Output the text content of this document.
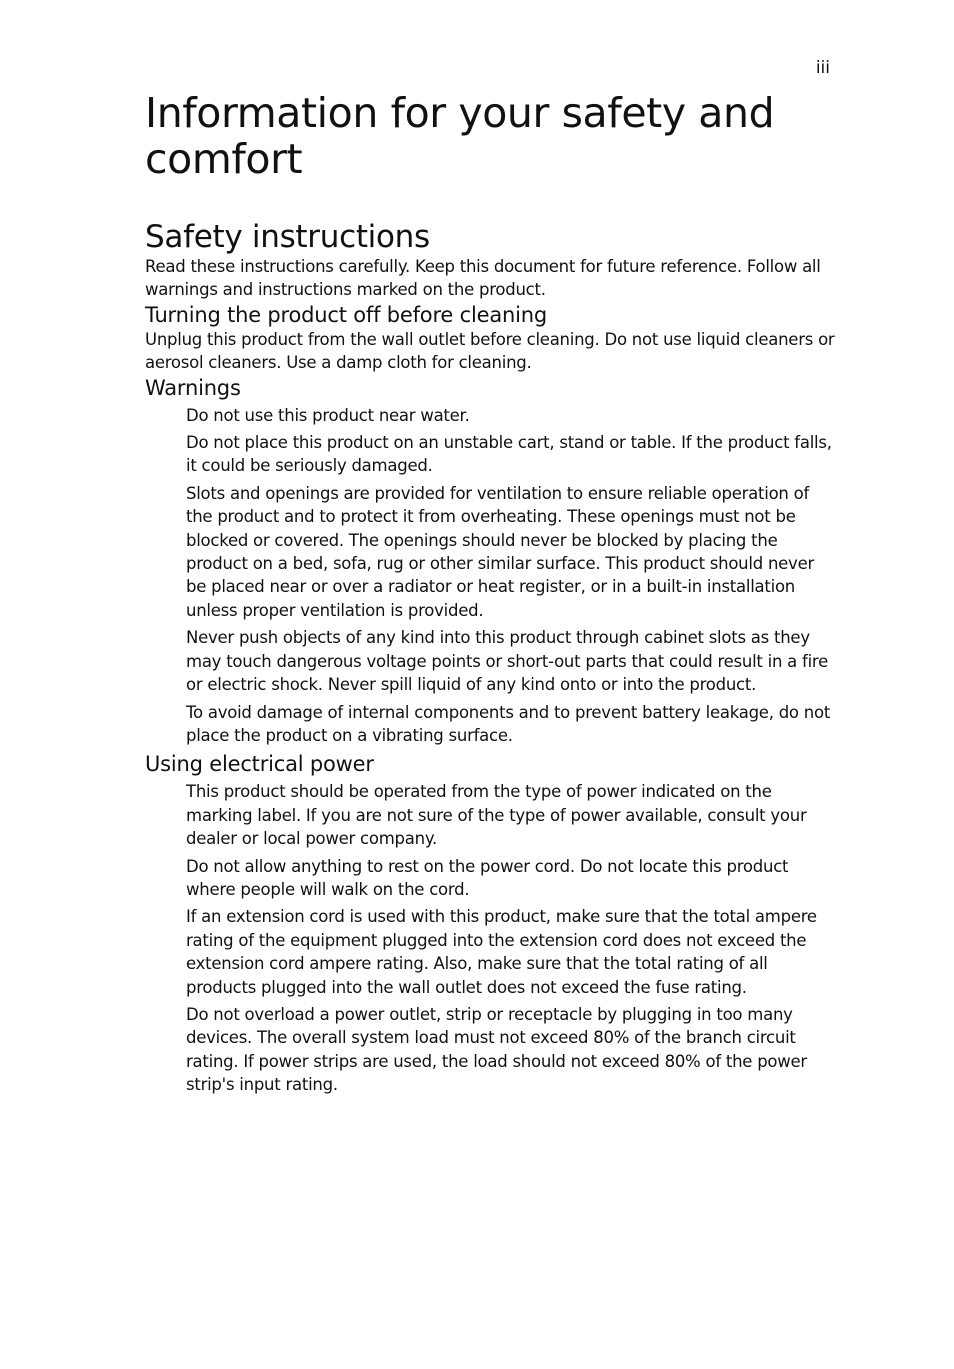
iii
Information for your safety and comfort
Safety instructions

Read these instructions carefully. Keep this document for future reference. Follow all warnings and instructions marked on the product.

Turning the product off before cleaning

Unplug this product from the wall outlet before cleaning. Do not use liquid cleaners or aerosol cleaners. Use a damp cloth for cleaning.

Warnings
Do not use this product near water.
Do not place this product on an unstable cart, stand or table. If the product falls, it could be seriously damaged.
Slots and openings are provided for ventilation to ensure reliable operation of the product and to protect it from overheating. These openings must not be blocked or covered. The openings should never be blocked by placing the product on a bed, sofa, rug or other similar surface. This product should never be placed near or over a radiator or heat register, or in a built-in installation unless proper ventilation is provided.
Never push objects of any kind into this product through cabinet slots as they may touch dangerous voltage points or short-out parts that could result in a fire or electric shock. Never spill liquid of any kind onto or into the product.
To avoid damage of internal components and to prevent battery leakage, do not place the product on a vibrating surface.
Using electrical power
This product should be operated from the type of power indicated on the marking label. If you are not sure of the type of power available, consult your dealer or local power company.
Do not allow anything to rest on the power cord. Do not locate this product where people will walk on the cord.
If an extension cord is used with this product, make sure that the total ampere rating of the equipment plugged into the extension cord does not exceed the extension cord ampere rating. Also, make sure that the total rating of all products plugged into the wall outlet does not exceed the fuse rating.
Do not overload a power outlet, strip or receptacle by plugging in too many devices. The overall system load must not exceed 80% of the branch circuit rating. If power strips are used, the load should not exceed 80% of the power strip's input rating.
